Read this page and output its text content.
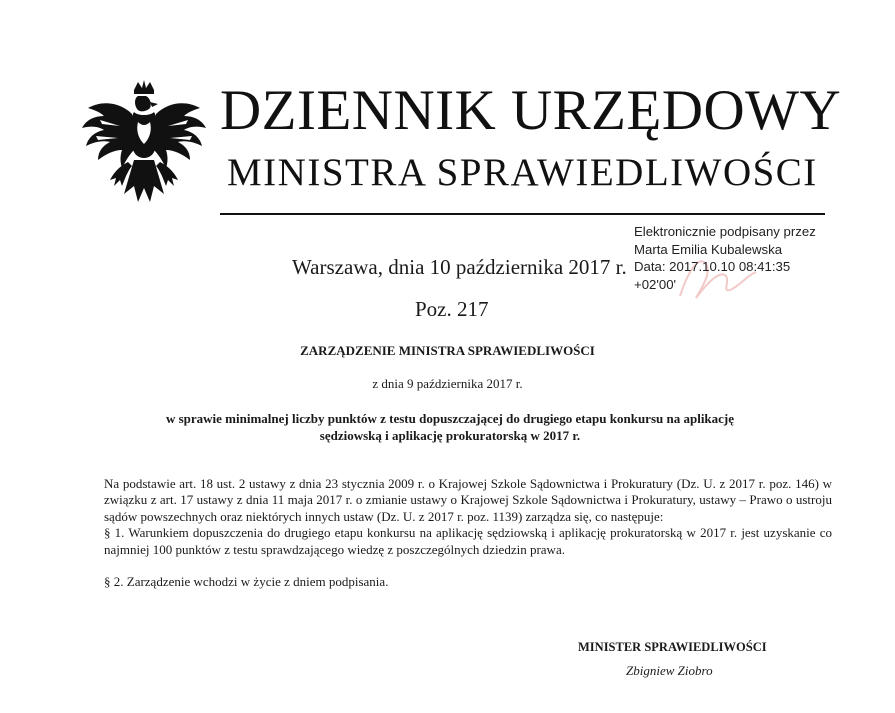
DZIENNIK URZĘDOWY
MINISTRA SPRAWIEDLIWOŚCI
Elektronicznie podpisany przez
Marta Emilia Kubalewska
Data: 2017.10.10 08:41:35
+02'00'
Warszawa, dnia 10 października 2017 r.
Poz. 217
ZARZĄDZENIE MINISTRA SPRAWIEDLIWOŚCI
z dnia 9 października 2017 r.
w sprawie minimalnej liczby punktów z testu dopuszczającej do drugiego etapu konkursu na aplikację
sędziowską i aplikację prokuratorską w 2017 r.
Na podstawie art. 18 ust. 2 ustawy z dnia 23 stycznia 2009 r. o Krajowej Szkole Sądownictwa i Prokuratury (Dz. U. z 2017 r. poz. 146) w związku z art. 17 ustawy z dnia 11 maja 2017 r. o zmianie ustawy o Krajowej Szkole Sądownictwa i Prokuratury, ustawy – Prawo o ustroju sądów powszechnych oraz niektórych innych ustaw (Dz. U. z 2017 r. poz. 1139) zarządza się, co następuje:
§ 1. Warunkiem dopuszczenia do drugiego etapu konkursu na aplikację sędziowską i aplikację prokuratorską w 2017 r. jest uzyskanie co najmniej 100 punktów z testu sprawdzającego wiedzę z poszczególnych dziedzin prawa.
§ 2. Zarządzenie wchodzi w życie z dniem podpisania.
MINISTER SPRAWIEDLIWOŚCI
Zbigniew Ziobro
